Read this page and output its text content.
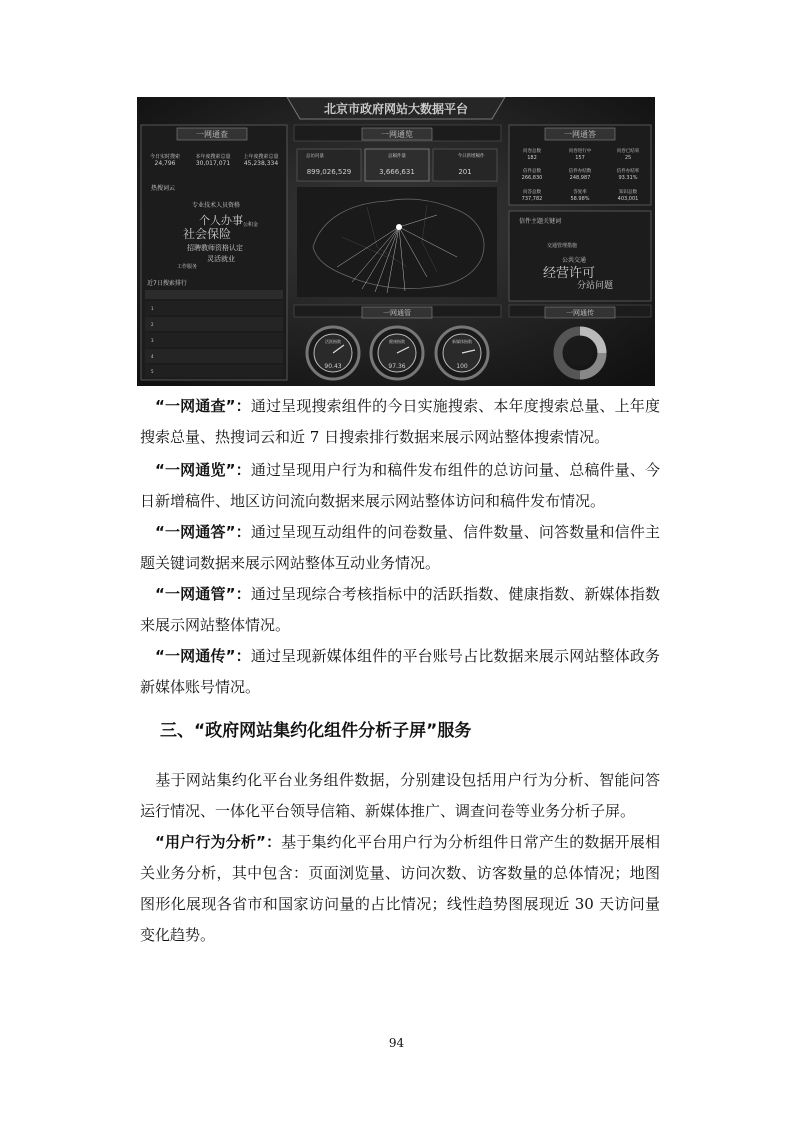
北京市政府网站大数据平台
一网通查
今日实时搜索
24,796
本年度搜索总量
30,017,071
上年度搜索总量
45,238,334
热搜词云
专业技术人员资格
个人办事
社会保险
招聘教师资格认定
灵活就业
工作服务
公积金
近7日搜索排行
1
2
3
4
5
一网通览
总访问量
899,026,529
总稿件量
3,666,631
今日新增稿件
201
一网通管
活跃指数
90.43
健康指数
97.36
新媒体指数
100
一网通答
问卷总数
182
问卷进行中
157
问卷已结束
25
信件总数
266,830
信件办结数
248,987
信件办结率
93.31%
问答总数
737,782
答复率
58.98%
知识总数
403,001
信件主题关键词
交通管理措施
公共交通
经营许可
分站问题
一网通传

“一网通查”：通过呈现搜索组件的今日实施搜索、本年度搜索总量、上年度搜索总量、热搜词云和近 7 日搜索排行数据来展示网站整体搜索情况。

“一网通览”：通过呈现用户行为和稿件发布组件的总访问量、总稿件量、今日新增稿件、地区访问流向数据来展示网站整体访问和稿件发布情况。

“一网通答”：通过呈现互动组件的问卷数量、信件数量、问答数量和信件主题关键词数据来展示网站整体互动业务情况。

“一网通管”：通过呈现综合考核指标中的活跃指数、健康指数、新媒体指数来展示网站整体情况。

“一网通传”：通过呈现新媒体组件的平台账号占比数据来展示网站整体政务新媒体账号情况。

三、“政府网站集约化组件分析子屏”服务

基于网站集约化平台业务组件数据，分别建设包括用户行为分析、智能问答运行情况、一体化平台领导信箱、新媒体推广、调查问卷等业务分析子屏。

“用户行为分析”：基于集约化平台用户行为分析组件日常产生的数据开展相关业务分析，其中包含：页面浏览量、访问次数、访客数量的总体情况；地图图形化展现各省市和国家访问量的占比情况；线性趋势图展现近 30 天访问量变化趋势。

94
